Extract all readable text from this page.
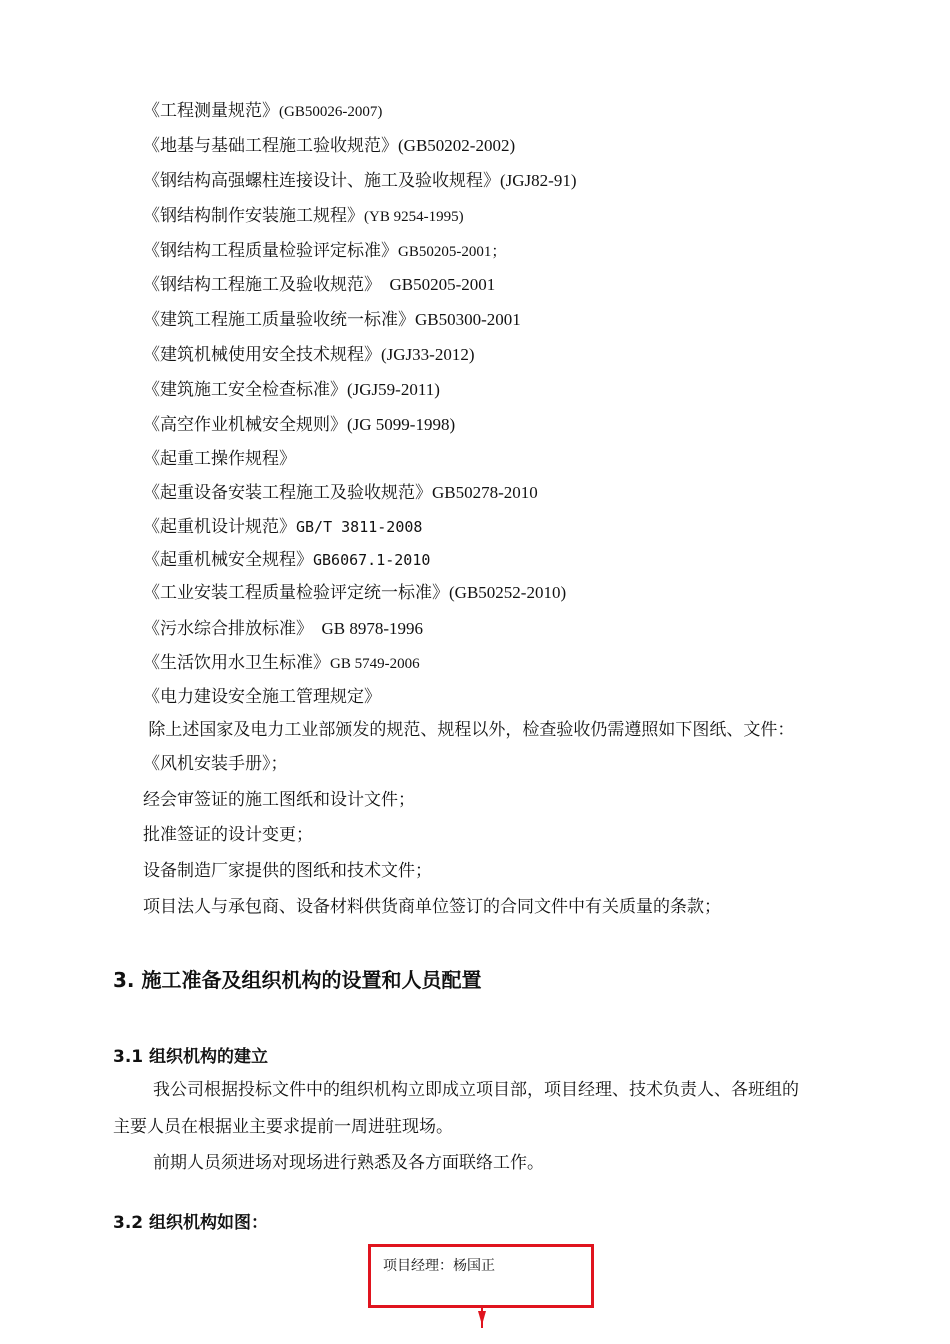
《工程测量规范》(GB50026-2007)
《地基与基础工程施工验收规范》(GB50202-2002)
《钢结构高强螺柱连接设计、施工及验收规程》(JGJ82-91)
《钢结构制作安装施工规程》(YB 9254-1995)
《钢结构工程质量检验评定标准》GB50205-2001；
《钢结构工程施工及验收规范》  GB50205-2001
《建筑工程施工质量验收统一标准》GB50300-2001
《建筑机械使用安全技术规程》(JGJ33-2012)
《建筑施工安全检查标准》(JGJ59-2011)
《高空作业机械安全规则》(JG 5099-1998)
《起重工操作规程》
《起重设备安装工程施工及验收规范》GB50278-2010
《起重机设计规范》GB/T 3811-2008
《起重机械安全规程》GB6067.1-2010
《工业安装工程质量检验评定统一标准》(GB50252-2010)
《污水综合排放标准》  GB 8978-1996
《生活饮用水卫生标准》GB 5749-2006
《电力建设安全施工管理规定》
除上述国家及电力工业部颁发的规范、规程以外，检查验收仍需遵照如下图纸、文件：
《风机安装手册》；
经会审签证的施工图纸和设计文件；
批准签证的设计变更；
设备制造厂家提供的图纸和技术文件；
项目法人与承包商、设备材料供货商单位签订的合同文件中有关质量的条款；
3. 施工准备及组织机构的设置和人员配置
3.1 组织机构的建立
我公司根据投标文件中的组织机构立即成立项目部，项目经理、技术负责人、各班组的
主要人员在根据业主要求提前一周进驻现场。
前期人员须进场对现场进行熟悉及各方面联络工作。
3.2 组织机构如图：
项目经理：杨国正
